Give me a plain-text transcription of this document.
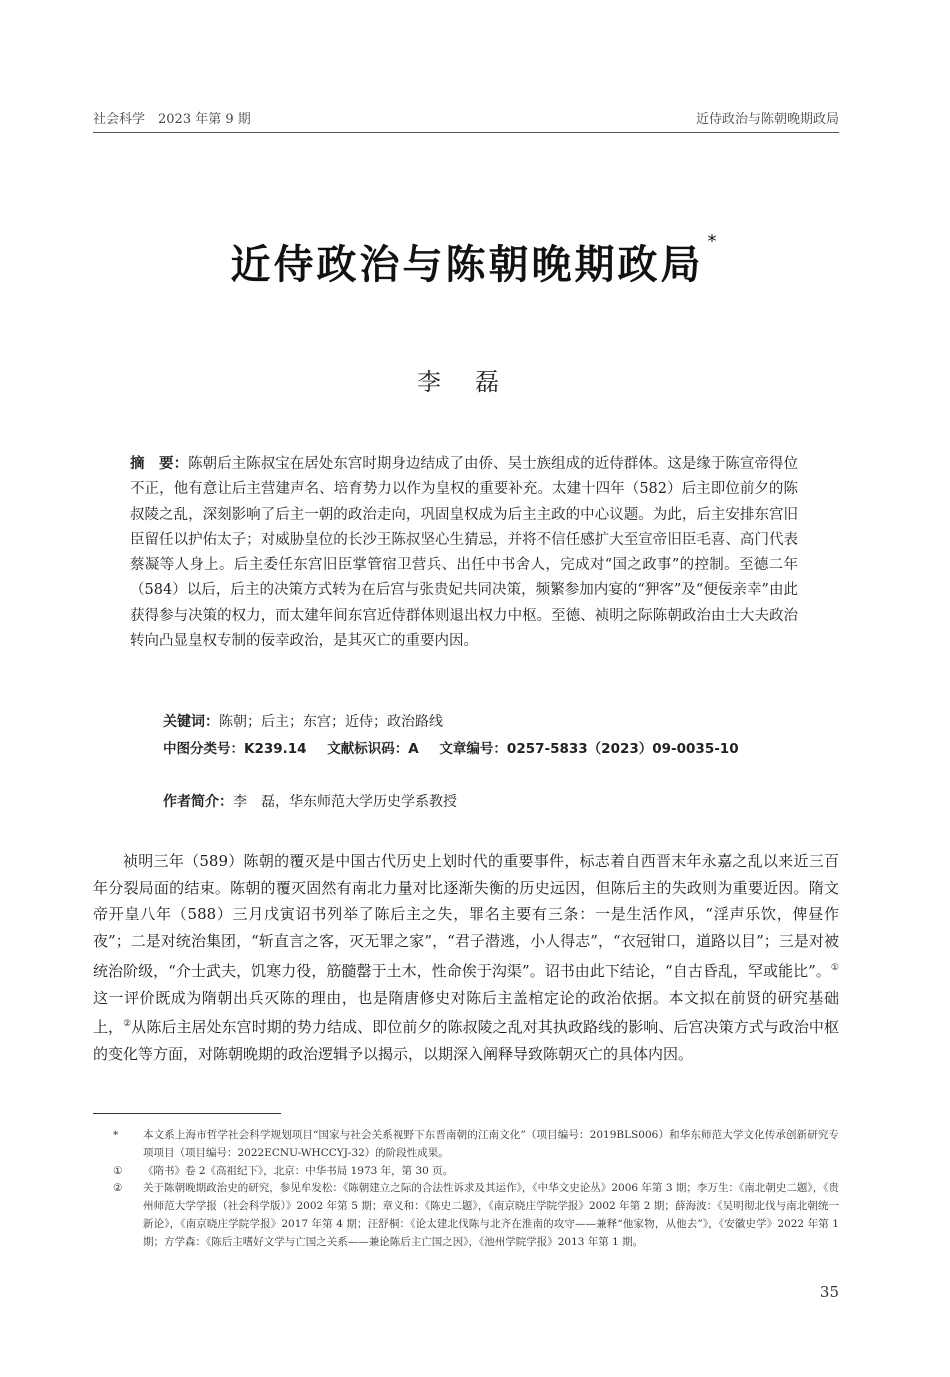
社会科学　2023 年第 9 期	近侍政治与陈朝晚期政局
近侍政治与陈朝晚期政局*
李磊
摘　要：陈朝后主陈叔宝在居处东宫时期身边结成了由侨、吴士族组成的近侍群体。这是缘于陈宣帝得位不正，他有意让后主营建声名、培育势力以作为皇权的重要补充。太建十四年（582）后主即位前夕的陈叔陵之乱，深刻影响了后主一朝的政治走向，巩固皇权成为后主主政的中心议题。为此，后主安排东宫旧臣留任以护佑太子；对威胁皇位的长沙王陈叔坚心生猜忌，并将不信任感扩大至宣帝旧臣毛喜、高门代表蔡凝等人身上。后主委任东宫旧臣掌管宿卫营兵、出任中书舍人，完成对“国之政事”的控制。至德二年（584）以后，后主的决策方式转为在后宫与张贵妃共同决策，频繁参加内宴的“狎客”及“便佞亲幸”由此获得参与决策的权力，而太建年间东宫近侍群体则退出权力中枢。至德、祯明之际陈朝政治由士大夫政治转向凸显皇权专制的佞幸政治，是其灭亡的重要内因。
关键词：陈朝；后主；东宫；近侍；政治路线
中图分类号：K239.14 文献标识码：A 文章编号：0257-5833（2023）09-0035-10
作者简介：李　磊，华东师范大学历史学系教授
祯明三年（589）陈朝的覆灭是中国古代历史上划时代的重要事件，标志着自西晋末年永嘉之乱以来近三百年分裂局面的结束。陈朝的覆灭固然有南北力量对比逐渐失衡的历史远因，但陈后主的失政则为重要近因。隋文帝开皇八年（588）三月戊寅诏书列举了陈后主之失，罪名主要有三条：一是生活作风，“淫声乐饮，俾昼作夜”；二是对统治集团，“斩直言之客，灭无罪之家”，“君子潜逃，小人得志”，“衣冠钳口，道路以目”；三是对被统治阶级，“介士武夫，饥寒力役，筋髓罄于土木，性命俟于沟渠”。诏书由此下结论，“自古昏乱，罕或能比”。①这一评价既成为隋朝出兵灭陈的理由，也是隋唐修史对陈后主盖棺定论的政治依据。本文拟在前贤的研究基础上，②从陈后主居处东宫时期的势力结成、即位前夕的陈叔陵之乱对其执政路线的影响、后宫决策方式与政治中枢的变化等方面，对陈朝晚期的政治逻辑予以揭示，以期深入阐释导致陈朝灭亡的具体内因。

* 本文系上海市哲学社会科学规划项目“国家与社会关系视野下东晋南朝的江南文化”（项目编号：2019BLS006）和华东师范大学文化传承创新研究专项项目（项目编号：2022ECNU-WHCCYJ-32）的阶段性成果。

① 《隋书》卷 2《高祖纪下》，北京：中华书局 1973 年，第 30 页。

② 关于陈朝晚期政治史的研究，参见牟发松：《陈朝建立之际的合法性诉求及其运作》，《中华文史论丛》2006 年第 3 期；李万生：《南北朝史二题》，《贵州师范大学学报（社会科学版）》2002 年第 5 期；章义和：《陈史二题》，《南京晓庄学院学报》2002 年第 2 期；薛海波：《吴明彻北伐与南北朝统一新论》，《南京晓庄学院学报》2017 年第 4 期；汪舒桐：《论太建北伐陈与北齐在淮南的攻守——兼释“他家物，从他去”》，《安徽史学》2022 年第 1 期；方学森：《陈后主嗜好文学与亡国之关系——兼论陈后主亡国之因》，《池州学院学报》2013 年第 1 期。

35
